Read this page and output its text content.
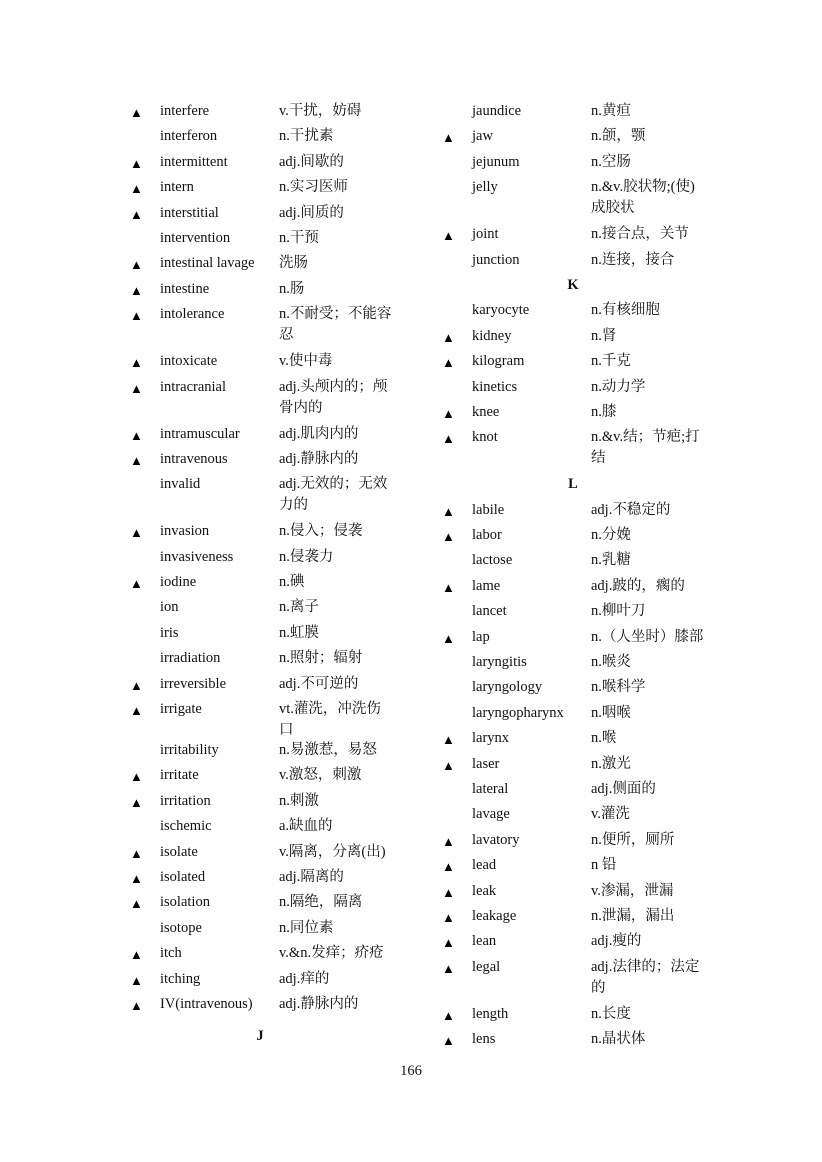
▲ interfere	v.干扰，妨碍
interferon	n.干扰素
▲ intermittent	adj.间歇的
▲ intern	n.实习医师
▲ interstitial	adj.间质的
intervention	n.干预
▲ intestinal lavage 洗肠
▲ intestine	n.肠
▲ intolerance	n.不耐受；不能容忍
▲ intoxicate	v.使中毒
▲ intracranial	adj.头颅内的；颅骨内的
▲ intramuscular	adj.肌肉内的
▲ intravenous	adj.静脉内的
invalid	adj.无效的；无效力的
▲ invasion	n.侵入；侵袭
invasiveness	n.侵袭力
▲ iodine	n.碘
ion	n.离子
iris	n.虹膜
irradiation	n.照射；辐射
▲ irreversible	adj.不可逆的
▲ irrigate	vt.灌洗，冲洗伤口
irritability	n.易激惹，易怒
▲ irritate	v.激怒，刺激
▲ irritation	n.刺激
ischemic	a.缺血的
▲ isolate	v.隔离，分离(出)
▲ isolated	adj.隔离的
▲ isolation	n.隔绝，隔离
isotope	n.同位素
▲ itch	v.&n.发痒；疥疮
▲ itching	adj.痒的
▲ IV(intravenous) adj.静脉内的
J
jaundice	n.黄疸
▲ jaw	n.颌，颚
jejunum	n.空肠
jelly	n.&v.胶状物;(使)成胶状
▲ joint	n.接合点，关节
junction	n.连接，接合
K
karyocyte	n.有核细胞
▲ kidney	n.肾
▲ kilogram	n.千克
kinetics	n.动力学
▲ knee	n.膝
▲ knot	n.&v.结；节疤;打结
L
▲ labile	adj.不稳定的
▲ labor	n.分娩
lactose	n.乳糖
▲ lame	adj.跛的，瘸的
lancet	n.柳叶刀
▲ lap	n.（人坐时）膝部
laryngitis	n.喉炎
laryngology	n.喉科学
laryngopharynx n.咽喉
▲ larynx	n.喉
▲ laser	n.激光
lateral	adj.侧面的
lavage	v.灌洗
▲ lavatory	n.便所，厕所
▲ lead	n 铅
▲ leak	v.渗漏，泄漏
▲ leakage	n.泄漏，漏出
▲ lean	adj.瘦的
▲ legal	adj.法律的；法定的
▲ length	n.长度
▲ lens	n.晶状体
166
